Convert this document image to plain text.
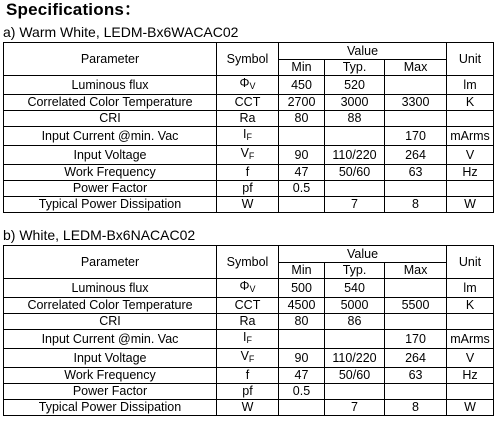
Specifications：
a) Warm White, LEDM-Bx6WACAC02
Parameter	Symbol	Value			Unit
		Min	Typ.	Max	
Luminous flux	$\Phi_V$	450	520		lm
Correlated Color Temperature	CCT	2700	3000	3300	K
CRI	Ra	80	88		
Input Current @min. Vac	$I_F$			170	mArms
Input Voltage	$V_F$	90	110/220	264	V
Work Frequency	f	47	50/60	63	Hz
Power Factor	pf	0.5			
Typical Power Dissipation	W		7	8	W
b) White, LEDM-Bx6NACAC02
Parameter	Symbol	Value			Unit
		Min	Typ.	Max	
Luminous flux	$\Phi_V$	500	540		lm
Correlated Color Temperature	CCT	4500	5000	5500	K
CRI	Ra	80	86		
Input Current @min. Vac	$I_F$			170	mArms
Input Voltage	$V_F$	90	110/220	264	V
Work Frequency	f	47	50/60	63	Hz
Power Factor	pf	0.5			
Typical Power Dissipation	W		7	8	W
